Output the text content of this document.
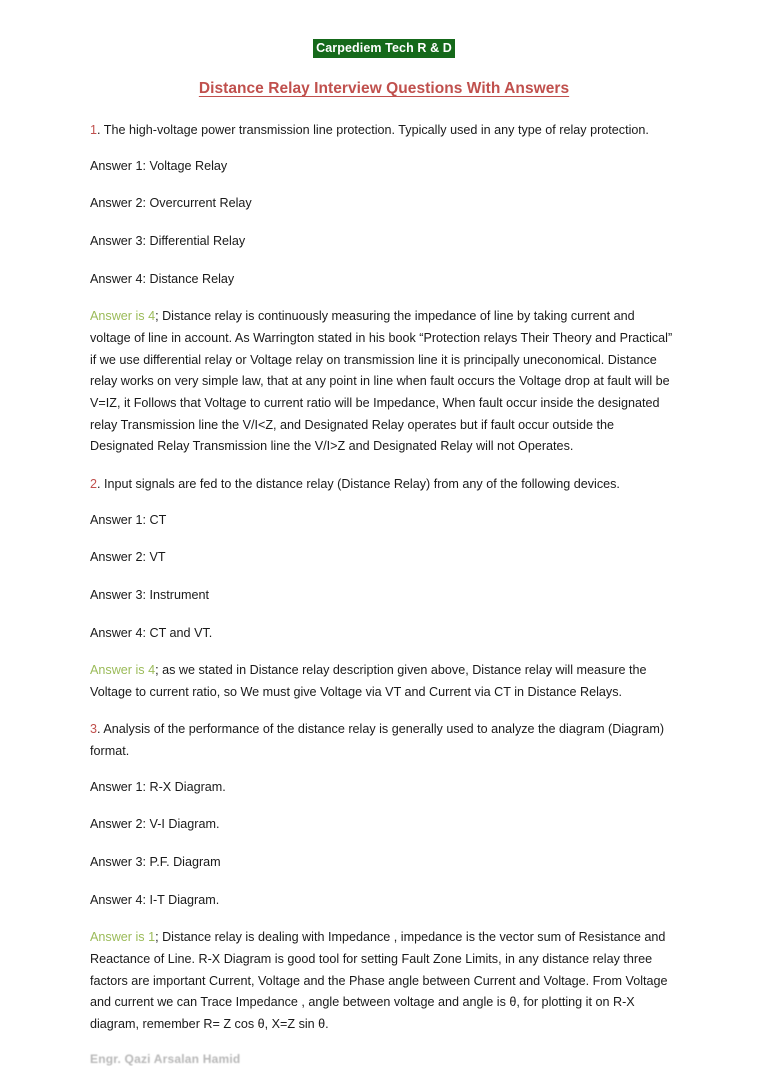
Carpediem Tech R & D
Distance Relay Interview Questions With Answers

1. The high-voltage power transmission line protection. Typically used in any type of relay protection.

Answer 1: Voltage Relay

Answer 2: Overcurrent Relay

Answer 3: Differential Relay

Answer 4: Distance Relay

Answer is 4; Distance relay is continuously measuring the impedance of line by taking current and voltage of line in account. As Warrington stated in his book “Protection relays Their Theory and Practical” if we use differential relay or Voltage relay on transmission line it is principally uneconomical. Distance relay works on very simple law, that at any point in line when fault occurs the Voltage drop at fault will be V=IZ, it Follows that Voltage to current ratio will be Impedance, When fault occur inside the designated relay Transmission line the V/I<Z, and Designated Relay operates but if fault occur outside the Designated Relay Transmission line the V/I>Z and Designated Relay will not Operates.

2. Input signals are fed to the distance relay (Distance Relay) from any of the following devices.

Answer 1: CT

Answer 2: VT

Answer 3: Instrument

Answer 4: CT and VT.

Answer is 4; as we stated in Distance relay description given above, Distance relay will measure the Voltage to current ratio, so We must give Voltage via VT and Current via CT in Distance Relays.

3. Analysis of the performance of the distance relay is generally used to analyze the diagram (Diagram) format.

Answer 1: R-X Diagram.

Answer 2: V-I Diagram.

Answer 3: P.F. Diagram

Answer 4: I-T Diagram.

Answer is 1; Distance relay is dealing with Impedance , impedance is the vector sum of Resistance and Reactance of Line. R-X Diagram is good tool for setting Fault Zone Limits, in any distance relay three factors are important Current, Voltage and the Phase angle between Current and Voltage. From Voltage and current we can Trace Impedance , angle between voltage and angle is θ, for plotting it on R-X diagram, remember R= Z cos θ, X=Z sin θ.

Engr. Qazi Arsalan Hamid
